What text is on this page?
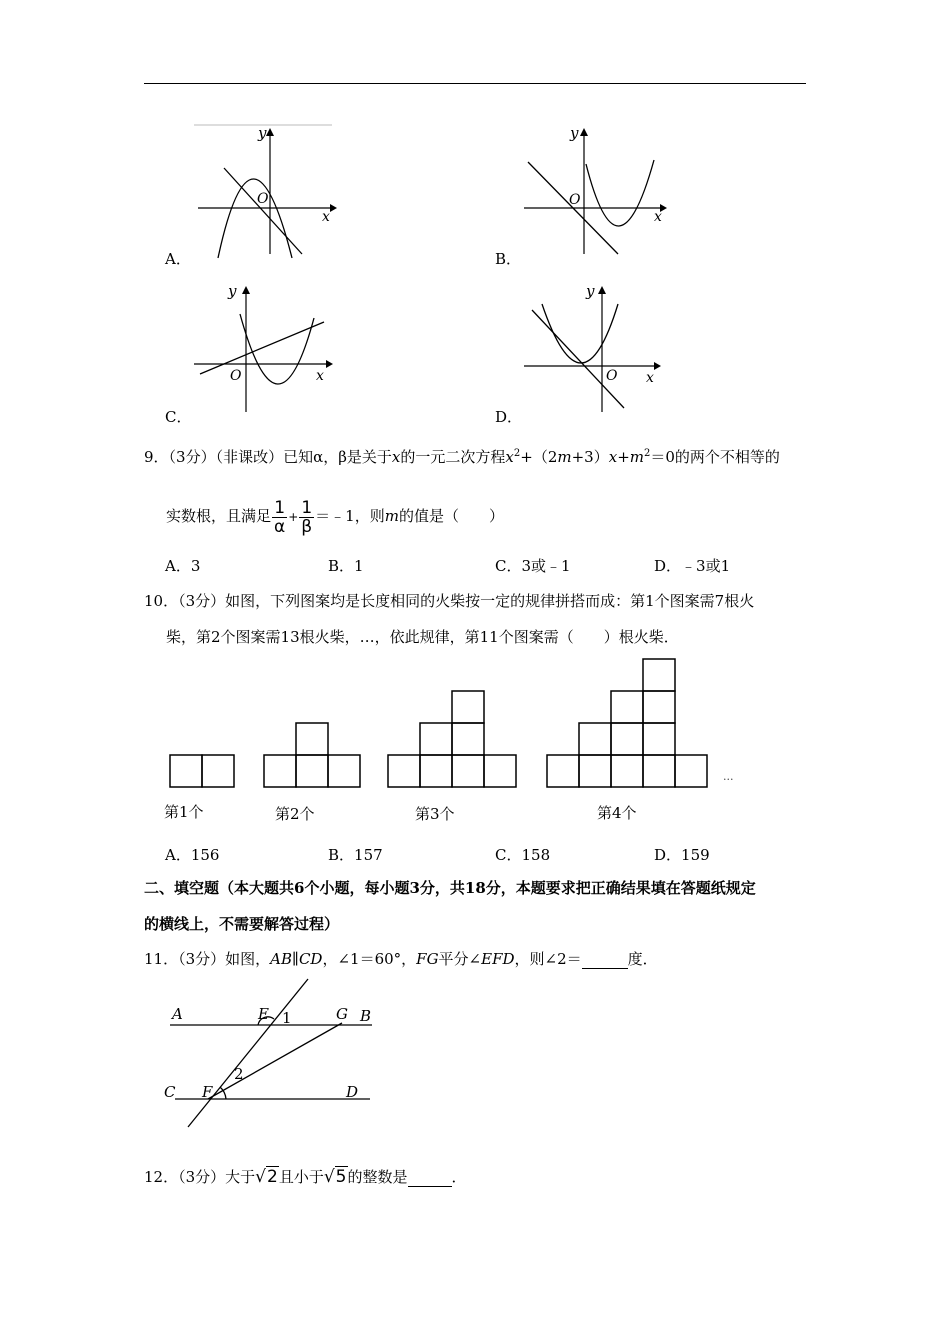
y
x
O
A．
y
x
O
B．
y
x
O
C．
y
x
O
D．
9．（3分）（非课改）已知α，β是关于x的一元二次方程$x^2+(2m+3)x+m^2=0$的两个不相等的
实数根，且满足 $\frac{1}{\alpha} + \frac{1}{\beta}$ ＝﹣1，则m的值是（　　）
A．3	B．1	C．3或﹣1	D．﹣3或1
10．（3分）如图，下列图案均是长度相同的火柴按一定的规律拼搭而成：第1个图案需7根火
柴，第2个图案需13根火柴，…，依此规律，第11个图案需（　　）根火柴．
第1个	第2个	第3个	第4个
...
A．156	B．157	C．158	D．159
二、填空题（本大题共6个小题，每小题3分，共18分，本题要求把正确结果填在答题纸规定
的横线上，不需要解答过程）
11．（3分）如图，AB∥CD，∠1＝60°，FG平分∠EFD，则∠2＝	度．
A	E 1	G B
C F
2
D
12．（3分）大于√2且小于√5的整数是	．
